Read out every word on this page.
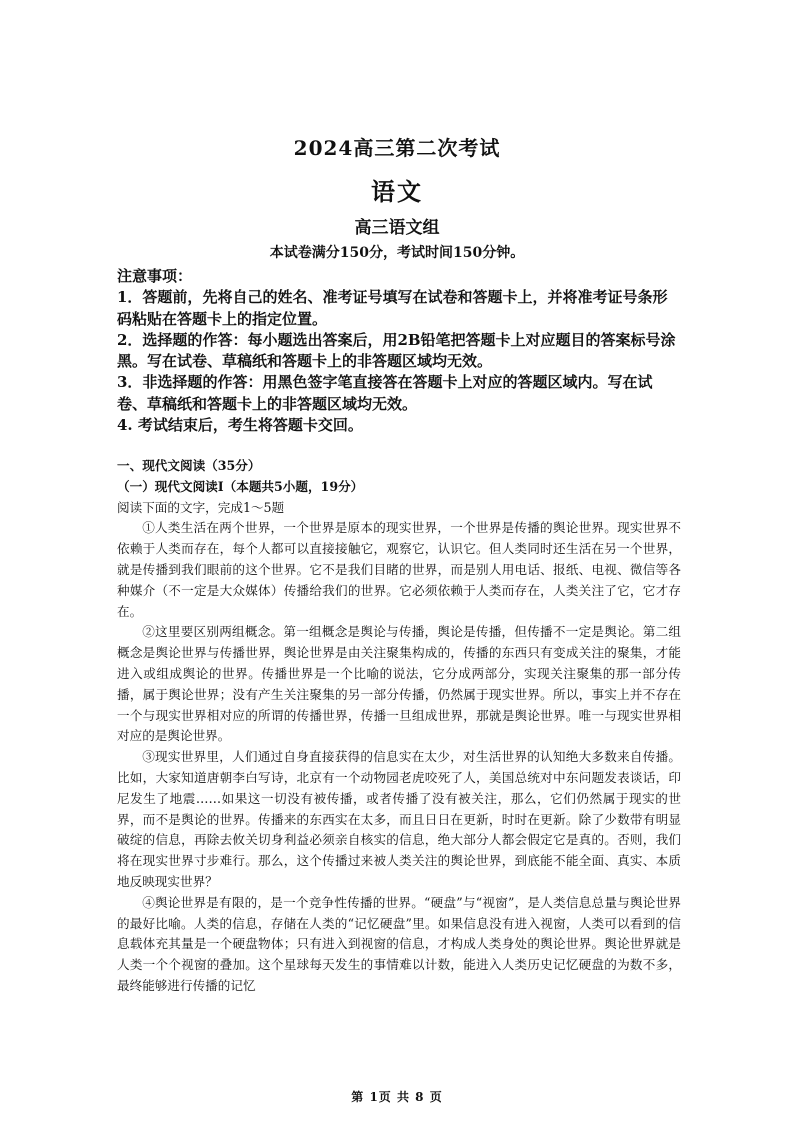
2024高三第二次考试
语文
高三语文组
本试卷满分150分，考试时间150分钟。

注意事项：

1．答题前，先将自己的姓名、准考证号填写在试卷和答题卡上，并将准考证号条形码粘贴在答题卡上的指定位置。

2．选择题的作答：每小题选出答案后，用2B铅笔把答题卡上对应题目的答案标号涂黑。写在试卷、草稿纸和答题卡上的非答题区域均无效。

3．非选择题的作答：用黑色签字笔直接答在答题卡上对应的答题区域内。写在试卷、草稿纸和答题卡上的非答题区域均无效。

4. 考试结束后，考生将答题卡交回。

一、现代文阅读（35分）

（一）现代文阅读Ⅰ（本题共5小题，19分）

阅读下面的文字，完成1～5题

①人类生活在两个世界，一个世界是原本的现实世界，一个世界是传播的舆论世界。现实世界不依赖于人类而存在，每个人都可以直接接触它，观察它，认识它。但人类同时还生活在另一个世界，就是传播到我们眼前的这个世界。它不是我们目睹的世界，而是别人用电话、报纸、电视、微信等各种媒介（不一定是大众媒体）传播给我们的世界。它必须依赖于人类而存在，人类关注了它，它才存在。

②这里要区别两组概念。第一组概念是舆论与传播，舆论是传播，但传播不一定是舆论。第二组概念是舆论世界与传播世界，舆论世界是由关注聚集构成的，传播的东西只有变成关注的聚集，才能进入或组成舆论的世界。传播世界是一个比喻的说法，它分成两部分，实现关注聚集的那一部分传播，属于舆论世界；没有产生关注聚集的另一部分传播，仍然属于现实世界。所以，事实上并不存在一个与现实世界相对应的所谓的传播世界，传播一旦组成世界，那就是舆论世界。唯一与现实世界相对应的是舆论世界。

③现实世界里，人们通过自身直接获得的信息实在太少，对生活世界的认知绝大多数来自传播。比如，大家知道唐朝李白写诗，北京有一个动物园老虎咬死了人，美国总统对中东问题发表谈话，印尼发生了地震……如果这一切没有被传播，或者传播了没有被关注，那么，它们仍然属于现实的世界，而不是舆论的世界。传播来的东西实在太多，而且日日在更新，时时在更新。除了少数带有明显破绽的信息，再除去攸关切身利益必须亲自核实的信息，绝大部分人都会假定它是真的。否则，我们将在现实世界寸步难行。那么，这个传播过来被人类关注的舆论世界，到底能不能全面、真实、本质地反映现实世界？

④舆论世界是有限的，是一个竞争性传播的世界。“硬盘”与“视窗”，是人类信息总量与舆论世界的最好比喻。人类的信息，存储在人类的“记忆硬盘”里。如果信息没有进入视窗，人类可以看到的信息载体充其量是一个硬盘物体；只有进入到视窗的信息，才构成人类身处的舆论世界。舆论世界就是人类一个个视窗的叠加。这个星球每天发生的事情难以计数，能进入人类历史记忆硬盘的为数不多，最终能够进行传播的记忆

第 1页 共 8 页
